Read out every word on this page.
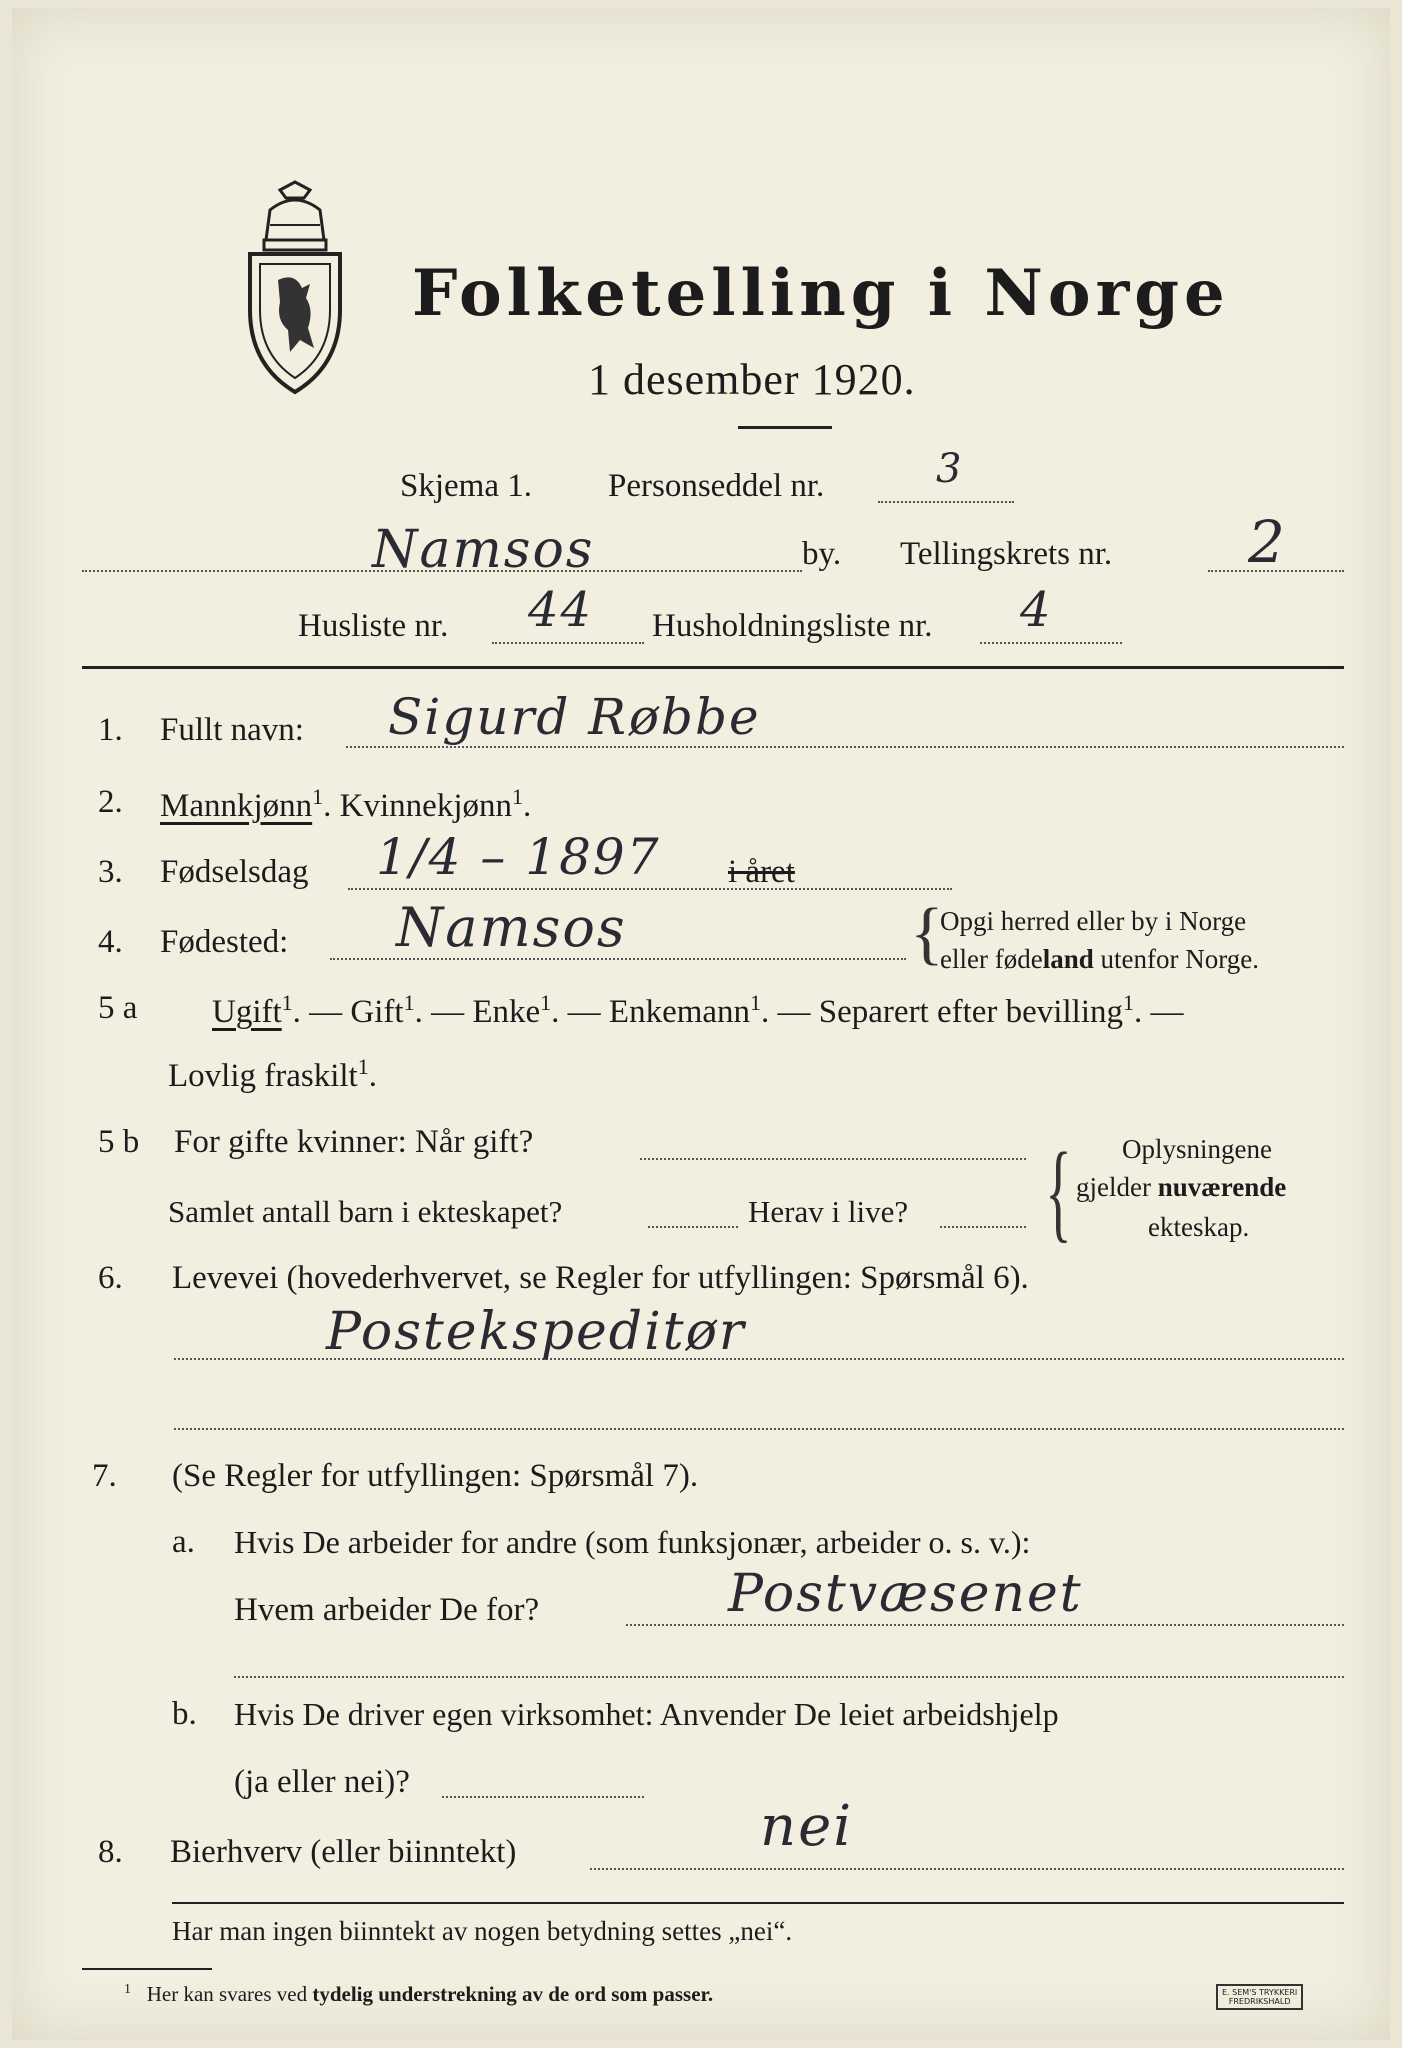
Folketelling i Norge
1 desember 1920.
Skjema 1. Personseddel nr.	3
Namsos	by. Tellingskrets nr. 2
Husliste nr. 44 Husholdningsliste nr. 4
1. Fullt navn: Sigurd Røbbe
2. Mannkjønn$^1$. Kvinnekjønn$^1$.
3. Fødselsdag 1/4 – 1897 i året
4. Fødested: Namsos	{
Opgi herred eller by i Norge
eller fødeland utenfor Norge.
5 a Ugift$^1$. — Gift$^1$. — Enke$^1$. — Enkemann$^1$. — Separert efter bevilling$^1$. —
Lovlig fraskilt$^1$.
5 b For gifte kvinner: Når gift?
Samlet antall barn i ekteskapet?	Herav i live? { Oplysningene
gjelder nuværende
ekteskap.
6. Levevei (hovederhvervet, se Regler for utfyllingen: Spørsmål 6).
Postekspeditør
7. (Se Regler for utfyllingen: Spørsmål 7).
a. Hvis De arbeider for andre (som funksjonær, arbeider o. s. v.):
Hvem arbeider De for?	Postvæsenet
b. Hvis De driver egen virksomhet: Anvender De leiet arbeidshjelp
(ja eller nei)?
8. Bierhverv (eller biinntekt)	nei
Har man ingen biinntekt av nogen betydning settes „nei“.
$^1$ Her kan svares ved tydelig understrekning av de ord som passer.	E. SEM'S TRYKKERI
FREDRIKSHALD
